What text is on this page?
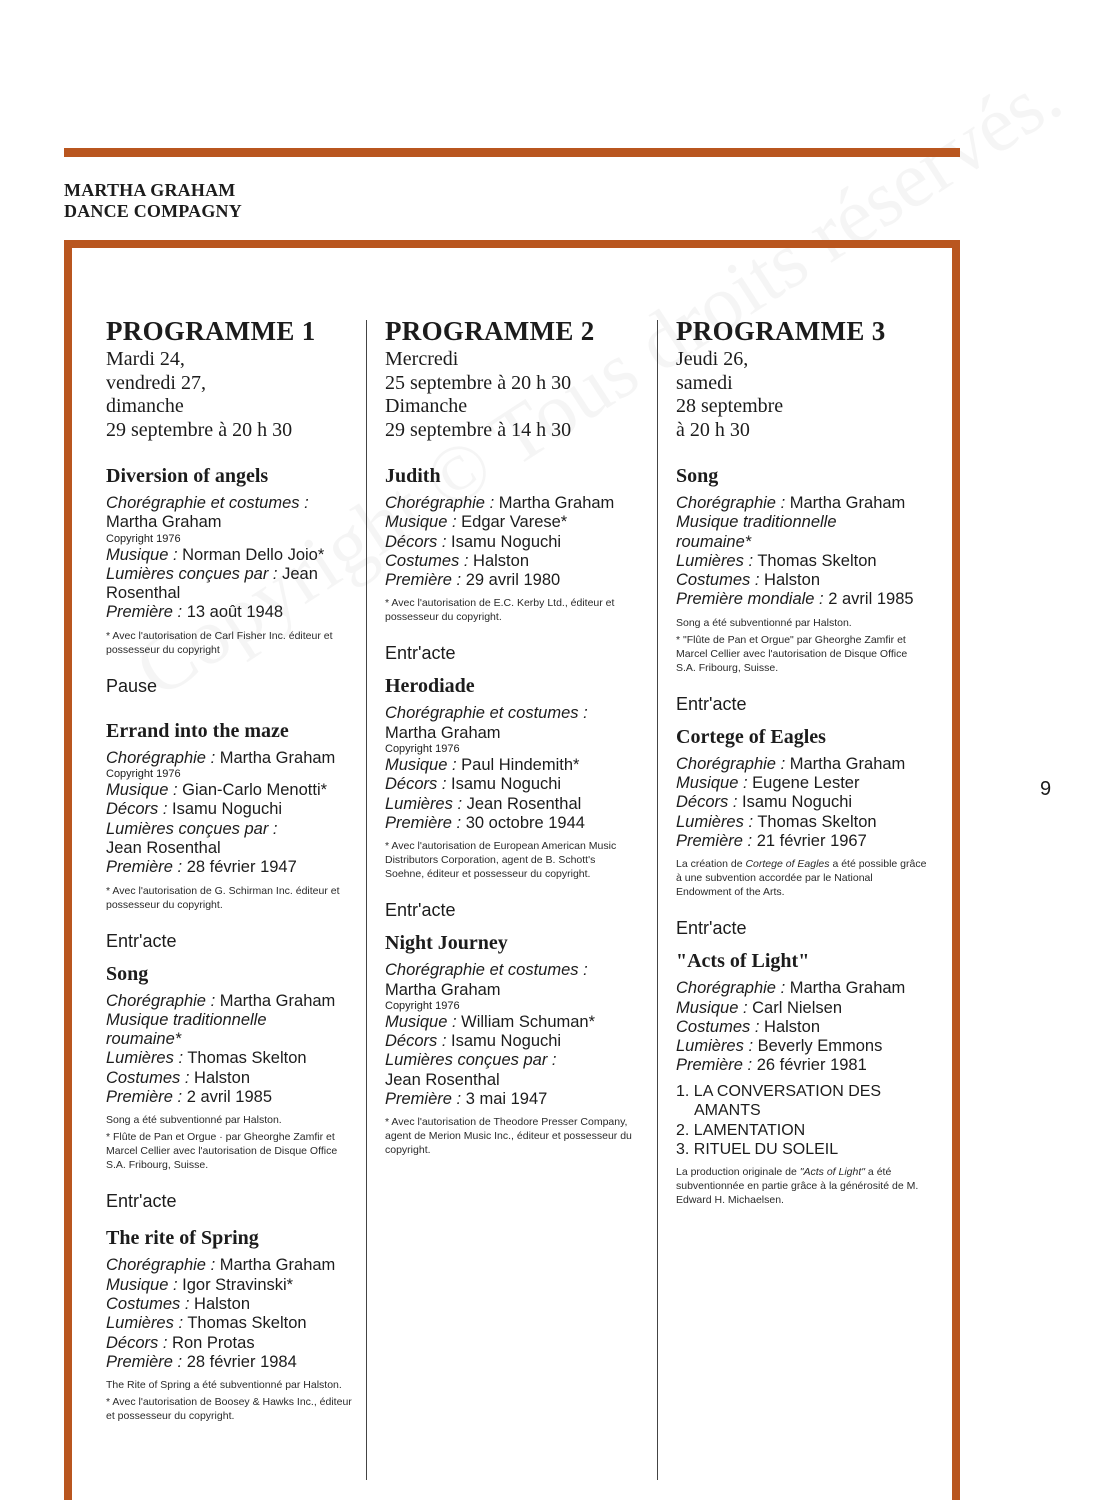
MARTHA GRAHAM
DANCE COMPAGNY
9
PROGRAMME 1
Mardi 24,
vendredi 27,
dimanche
29 septembre à 20 h 30
Diversion of angels
Chorégraphie et costumes :
Martha Graham
Copyright 1976
Musique : Norman Dello Joio*
Lumières conçues par : Jean
Rosenthal
Première : 13 août 1948
* Avec l'autorisation de Carl Fisher Inc. éditeur et possesseur du copyright
Pause
Errand into the maze
Chorégraphie : Martha Graham
Copyright 1976
Musique : Gian-Carlo Menotti*
Décors : Isamu Noguchi
Lumières conçues par :
Jean Rosenthal
Première : 28 février 1947
* Avec l'autorisation de G. Schirman Inc. éditeur et possesseur du copyright.
Entr'acte
Song
Chorégraphie : Martha Graham
Musique traditionnelle
roumaine*
Lumières : Thomas Skelton
Costumes : Halston
Première : 2 avril 1985
Song a été subventionné par Halston.
* Flûte de Pan et Orgue · par Gheorghe Zamfir et Marcel Cellier avec l'autorisation de Disque Office S.A. Fribourg, Suisse.
Entr'acte
The rite of Spring
Chorégraphie : Martha Graham
Musique : Igor Stravinski*
Costumes : Halston
Lumières : Thomas Skelton
Décors : Ron Protas
Première : 28 février 1984
The Rite of Spring a été subventionné par Halston.
* Avec l'autorisation de Boosey & Hawks Inc., éditeur et possesseur du copyright.
PROGRAMME 2
Mercredi
25 septembre à 20 h 30
Dimanche
29 septembre à 14 h 30
Judith
Chorégraphie : Martha Graham
Musique : Edgar Varese*
Décors : Isamu Noguchi
Costumes : Halston
Première : 29 avril 1980
* Avec l'autorisation de E.C. Kerby Ltd., éditeur et possesseur du copyright.
Entr'acte
Herodiade
Chorégraphie et costumes :
Martha Graham
Copyright 1976
Musique : Paul Hindemith*
Décors : Isamu Noguchi
Lumières : Jean Rosenthal
Première : 30 octobre 1944
* Avec l'autorisation de European American Music Distributors Corporation, agent de B. Schott's Soehne, éditeur et possesseur du copyright.
Entr'acte
Night Journey
Chorégraphie et costumes :
Martha Graham
Copyright 1976
Musique : William Schuman*
Décors : Isamu Noguchi
Lumières conçues par :
Jean Rosenthal
Première : 3 mai 1947
* Avec l'autorisation de Theodore Presser Company, agent de Merion Music Inc., éditeur et possesseur du copyright.
PROGRAMME 3
Jeudi 26,
samedi
28 septembre
à 20 h 30
Song
Chorégraphie : Martha Graham
Musique traditionnelle
roumaine*
Lumières : Thomas Skelton
Costumes : Halston
Première mondiale : 2 avril 1985
Song a été subventionné par Halston.
* "Flûte de Pan et Orgue" par Gheorghe Zamfir et Marcel Cellier avec l'autorisation de Disque Office S.A. Fribourg, Suisse.
Entr'acte
Cortege of Eagles
Chorégraphie : Martha Graham
Musique : Eugene Lester
Décors : Isamu Noguchi
Lumières : Thomas Skelton
Première : 21 février 1967
La création de Cortege of Eagles a été possible grâce à une subvention accordée par le National Endowment of the Arts.
Entr'acte
"Acts of Light"
Chorégraphie : Martha Graham
Musique : Carl Nielsen
Costumes : Halston
Lumières : Beverly Emmons
Première : 26 février 1981
1. LA CONVERSATION DES
AMANTS
2. LAMENTATION
3. RITUEL DU SOLEIL
La production originale de "Acts of Light" a été subventionnée en partie grâce à la générosité de M. Edward H. Michaelsen.
